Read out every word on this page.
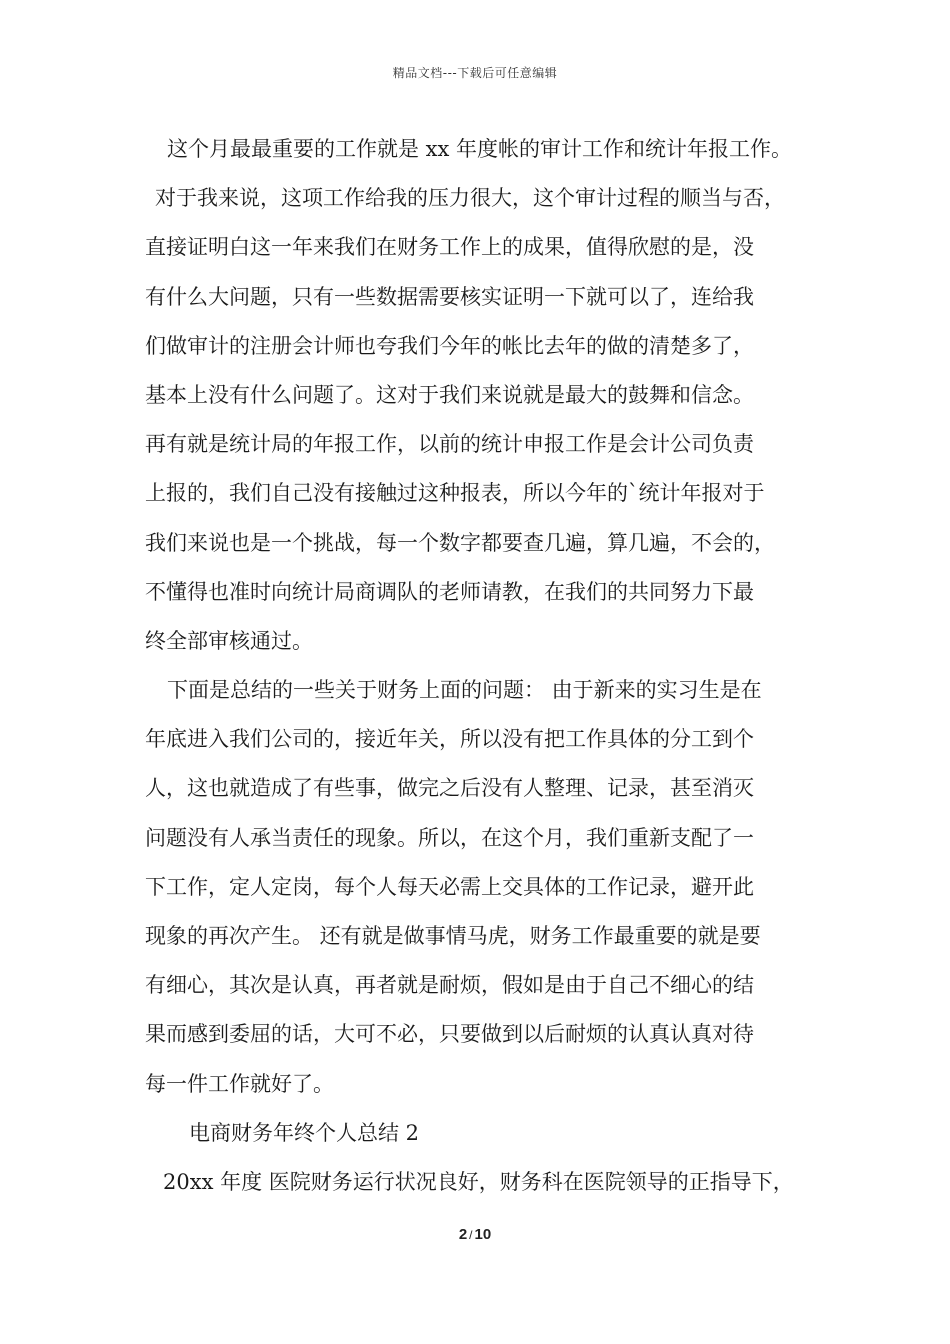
精品文档---下载后可任意编辑
这个月最最重要的工作就是 xx 年度帐的审计工作和统计年报工作。
对于我来说，这项工作给我的压力很大，这个审计过程的顺当与否，
直接证明白这一年来我们在财务工作上的成果，值得欣慰的是，没
有什么大问题，只有一些数据需要核实证明一下就可以了，连给我
们做审计的注册会计师也夸我们今年的帐比去年的做的清楚多了，
基本上没有什么问题了。这对于我们来说就是最大的鼓舞和信念。
再有就是统计局的年报工作，以前的统计申报工作是会计公司负责
上报的，我们自己没有接触过这种报表，所以今年的`统计年报对于
我们来说也是一个挑战，每一个数字都要查几遍，算几遍，不会的，
不懂得也准时向统计局商调队的老师请教，在我们的共同努力下最
终全部审核通过。
下面是总结的一些关于财务上面的问题： 由于新来的实习生是在
年底进入我们公司的，接近年关，所以没有把工作具体的分工到个
人，这也就造成了有些事，做完之后没有人整理、记录，甚至消灭
问题没有人承当责任的现象。所以，在这个月，我们重新支配了一
下工作，定人定岗，每个人每天必需上交具体的工作记录，避开此
现象的再次产生。 还有就是做事情马虎，财务工作最重要的就是要
有细心，其次是认真，再者就是耐烦，假如是由于自己不细心的结
果而感到委屈的话，大可不必，只要做到以后耐烦的认真认真对待
每一件工作就好了。
电商财务年终个人总结 2
20xx 年度 医院财务运行状况良好，财务科在医院领导的正指导下，
2 / 10
